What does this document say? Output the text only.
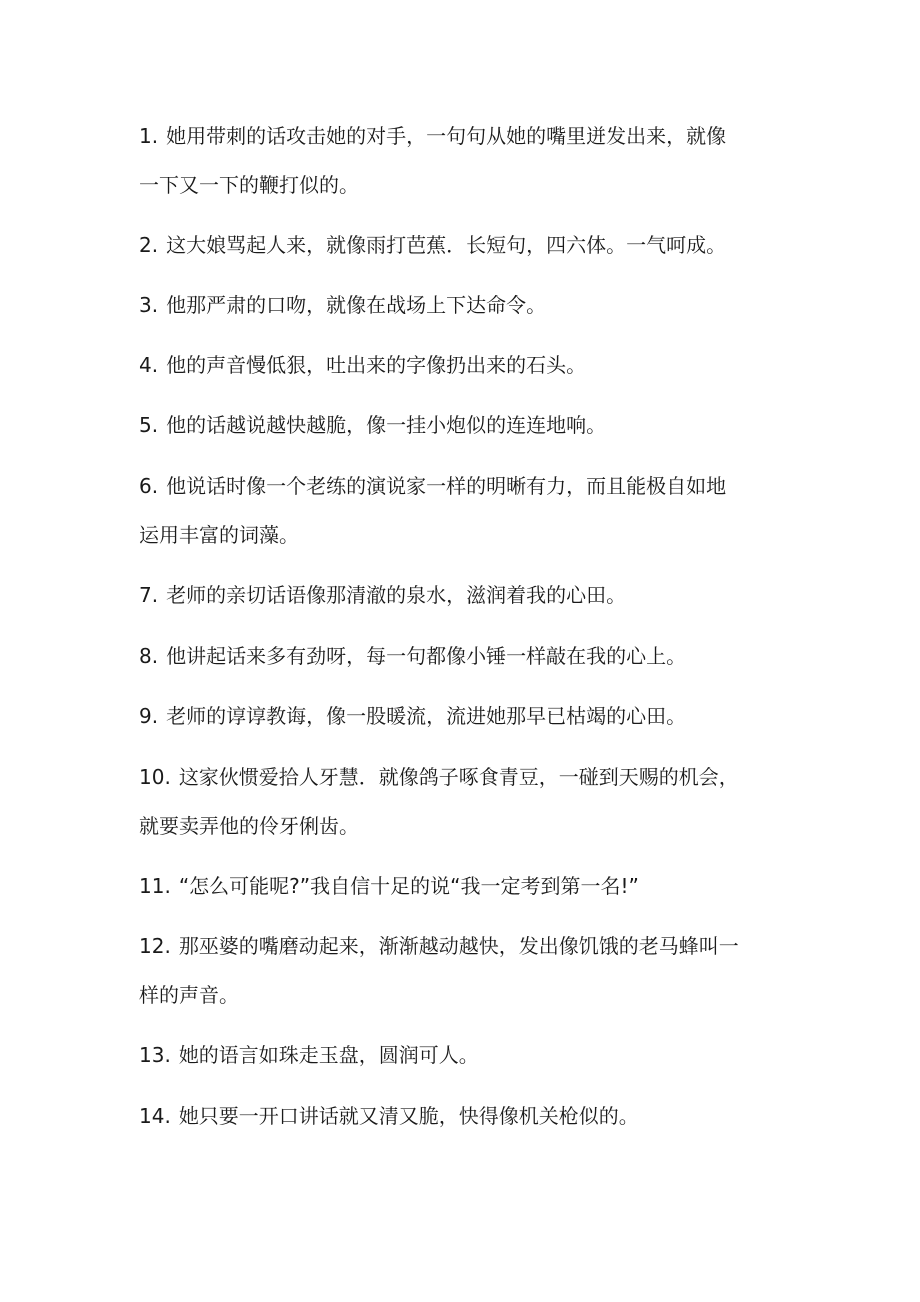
1. 她用带刺的话攻击她的对手，一句句从她的嘴里迸发出来，就像
一下又一下的鞭打似的。
2. 这大娘骂起人来，就像雨打芭蕉．长短句，四六体。一气呵成。
3. 他那严肃的口吻，就像在战场上下达命令。
4. 他的声音慢低狠，吐出来的字像扔出来的石头。
5. 他的话越说越快越脆，像一挂小炮似的连连地响。
6. 他说话时像一个老练的演说家一样的明晰有力，而且能极自如地
运用丰富的词藻。
7. 老师的亲切话语像那清澈的泉水，滋润着我的心田。
8. 他讲起话来多有劲呀，每一句都像小锤一样敲在我的心上。
9. 老师的谆谆教诲，像一股暖流，流进她那早已枯竭的心田。
10. 这家伙惯爱拾人牙慧．就像鸽子啄食青豆，一碰到天赐的机会，
就要卖弄他的伶牙俐齿。
11. “怎么可能呢?”我自信十足的说“我一定考到第一名!”
12. 那巫婆的嘴磨动起来，渐渐越动越快，发出像饥饿的老马蜂叫一
样的声音。
13. 她的语言如珠走玉盘，圆润可人。
14. 她只要一开口讲话就又清又脆，快得像机关枪似的。
